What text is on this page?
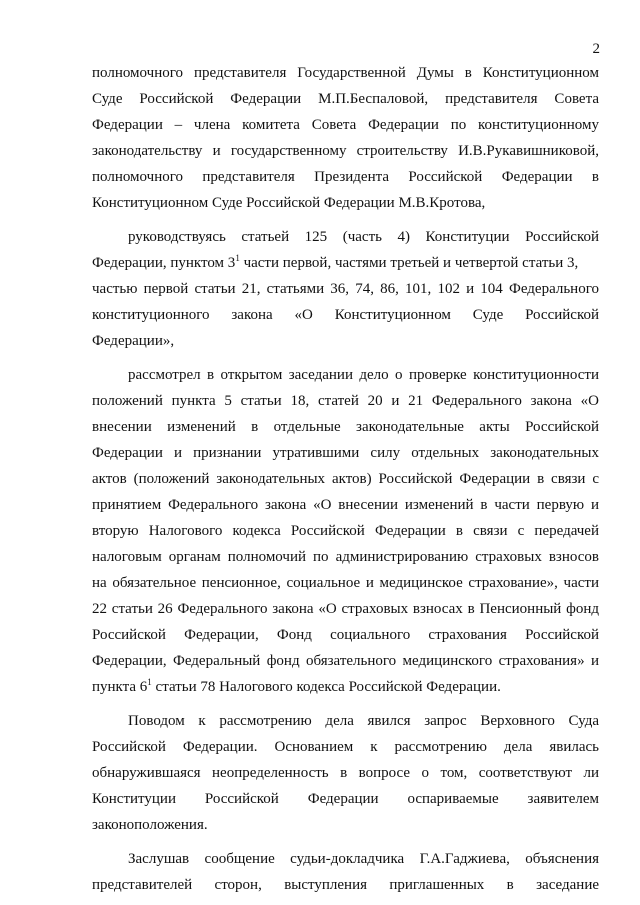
2
полномочного представителя Государственной Думы в Конституционном
Суде Российской Федерации М.П.Беспаловой, представителя Совета
Федерации – члена комитета Совета Федерации по конституционному
законодательству и государственному строительству И.В.Рукавишниковой,
полномочного представителя Президента Российской Федерации в
Конституционном Суде Российской Федерации М.В.Кротова,
руководствуясь статьей 125 (часть 4) Конституции Российской
Федерации, пунктом $3^1$ части первой, частями третьей и четвертой статьи 3,
частью первой статьи 21, статьями 36, 74, 86, 101, 102 и 104 Федерального
конституционного закона «О Конституционном Суде Российской
Федерации»,
рассмотрел в открытом заседании дело о проверке конституционности
положений пункта 5 статьи 18, статей 20 и 21 Федерального закона «О
внесении изменений в отдельные законодательные акты Российской
Федерации и признании утратившими силу отдельных законодательных
актов (положений законодательных актов) Российской Федерации в связи с
принятием Федерального закона «О внесении изменений в части первую и
вторую Налогового кодекса Российской Федерации в связи с передачей
налоговым органам полномочий по администрированию страховых взносов
на обязательное пенсионное, социальное и медицинское страхование», части
22 статьи 26 Федерального закона «О страховых взносах в Пенсионный фонд
Российской Федерации, Фонд социального страхования Российской
Федерации, Федеральный фонд обязательного медицинского страхования» и
пункта $6^1$ статьи 78 Налогового кодекса Российской Федерации.
Поводом к рассмотрению дела явился запрос Верховного Суда
Российской Федерации. Основанием к рассмотрению дела явилась
обнаружившаяся неопределенность в вопросе о том, соответствуют ли
Конституции Российской Федерации оспариваемые заявителем
законоположения.
Заслушав сообщение судьи-докладчика Г.А.Гаджиева, объяснения
представителей сторон, выступления приглашенных в заседание
